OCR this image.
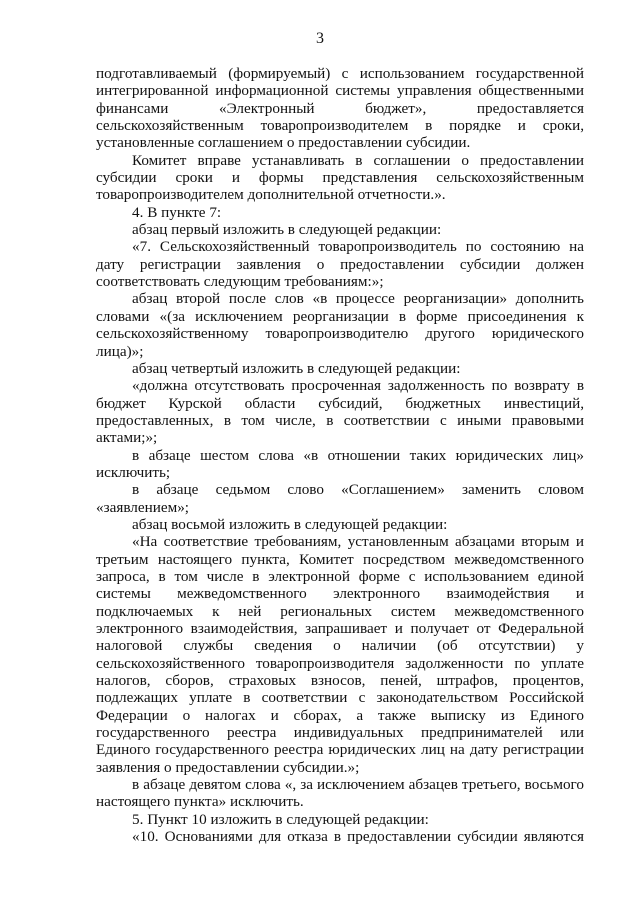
3
подготавливаемый (формируемый) с использованием государственной
интегрированной информационной системы управления общественными
финансами «Электронный бюджет», предоставляется
сельскохозяйственным товаропроизводителем в порядке и сроки,
установленные соглашением о предоставлении субсидии.
Комитет вправе устанавливать в соглашении о предоставлении
субсидии сроки и формы представления сельскохозяйственным
товаропроизводителем дополнительной отчетности.».
4. В пункте 7:
абзац первый изложить в следующей редакции:
«7. Сельскохозяйственный товаропроизводитель по состоянию на
дату регистрации заявления о предоставлении субсидии должен
соответствовать следующим требованиям:»;
абзац второй после слов «в процессе реорганизации» дополнить
словами «(за исключением реорганизации в форме присоединения к
сельскохозяйственному товаропроизводителю другого юридического
лица)»;
абзац четвертый изложить в следующей редакции:
«должна отсутствовать просроченная задолженность по возврату в
бюджет Курской области субсидий, бюджетных инвестиций,
предоставленных, в том числе, в соответствии с иными правовыми
актами;»;
в абзаце шестом слова «в отношении таких юридических лиц»
исключить;
в абзаце седьмом слово «Соглашением» заменить словом
«заявлением»;
абзац восьмой изложить в следующей редакции:
«На соответствие требованиям, установленным абзацами вторым и
третьим настоящего пункта, Комитет посредством межведомственного
запроса, в том числе в электронной форме с использованием единой
системы межведомственного электронного взаимодействия и
подключаемых к ней региональных систем межведомственного
электронного взаимодействия, запрашивает и получает от Федеральной
налоговой службы сведения о наличии (об отсутствии) у
сельскохозяйственного товаропроизводителя задолженности по уплате
налогов, сборов, страховых взносов, пеней, штрафов, процентов,
подлежащих уплате в соответствии с законодательством Российской
Федерации о налогах и сборах, а также выписку из Единого
государственного реестра индивидуальных предпринимателей или
Единого государственного реестра юридических лиц на дату регистрации
заявления о предоставлении субсидии.»;
в абзаце девятом слова «, за исключением абзацев третьего, восьмого
настоящего пункта» исключить.
5. Пункт 10 изложить в следующей редакции:
«10. Основаниями для отказа в предоставлении субсидии являются
